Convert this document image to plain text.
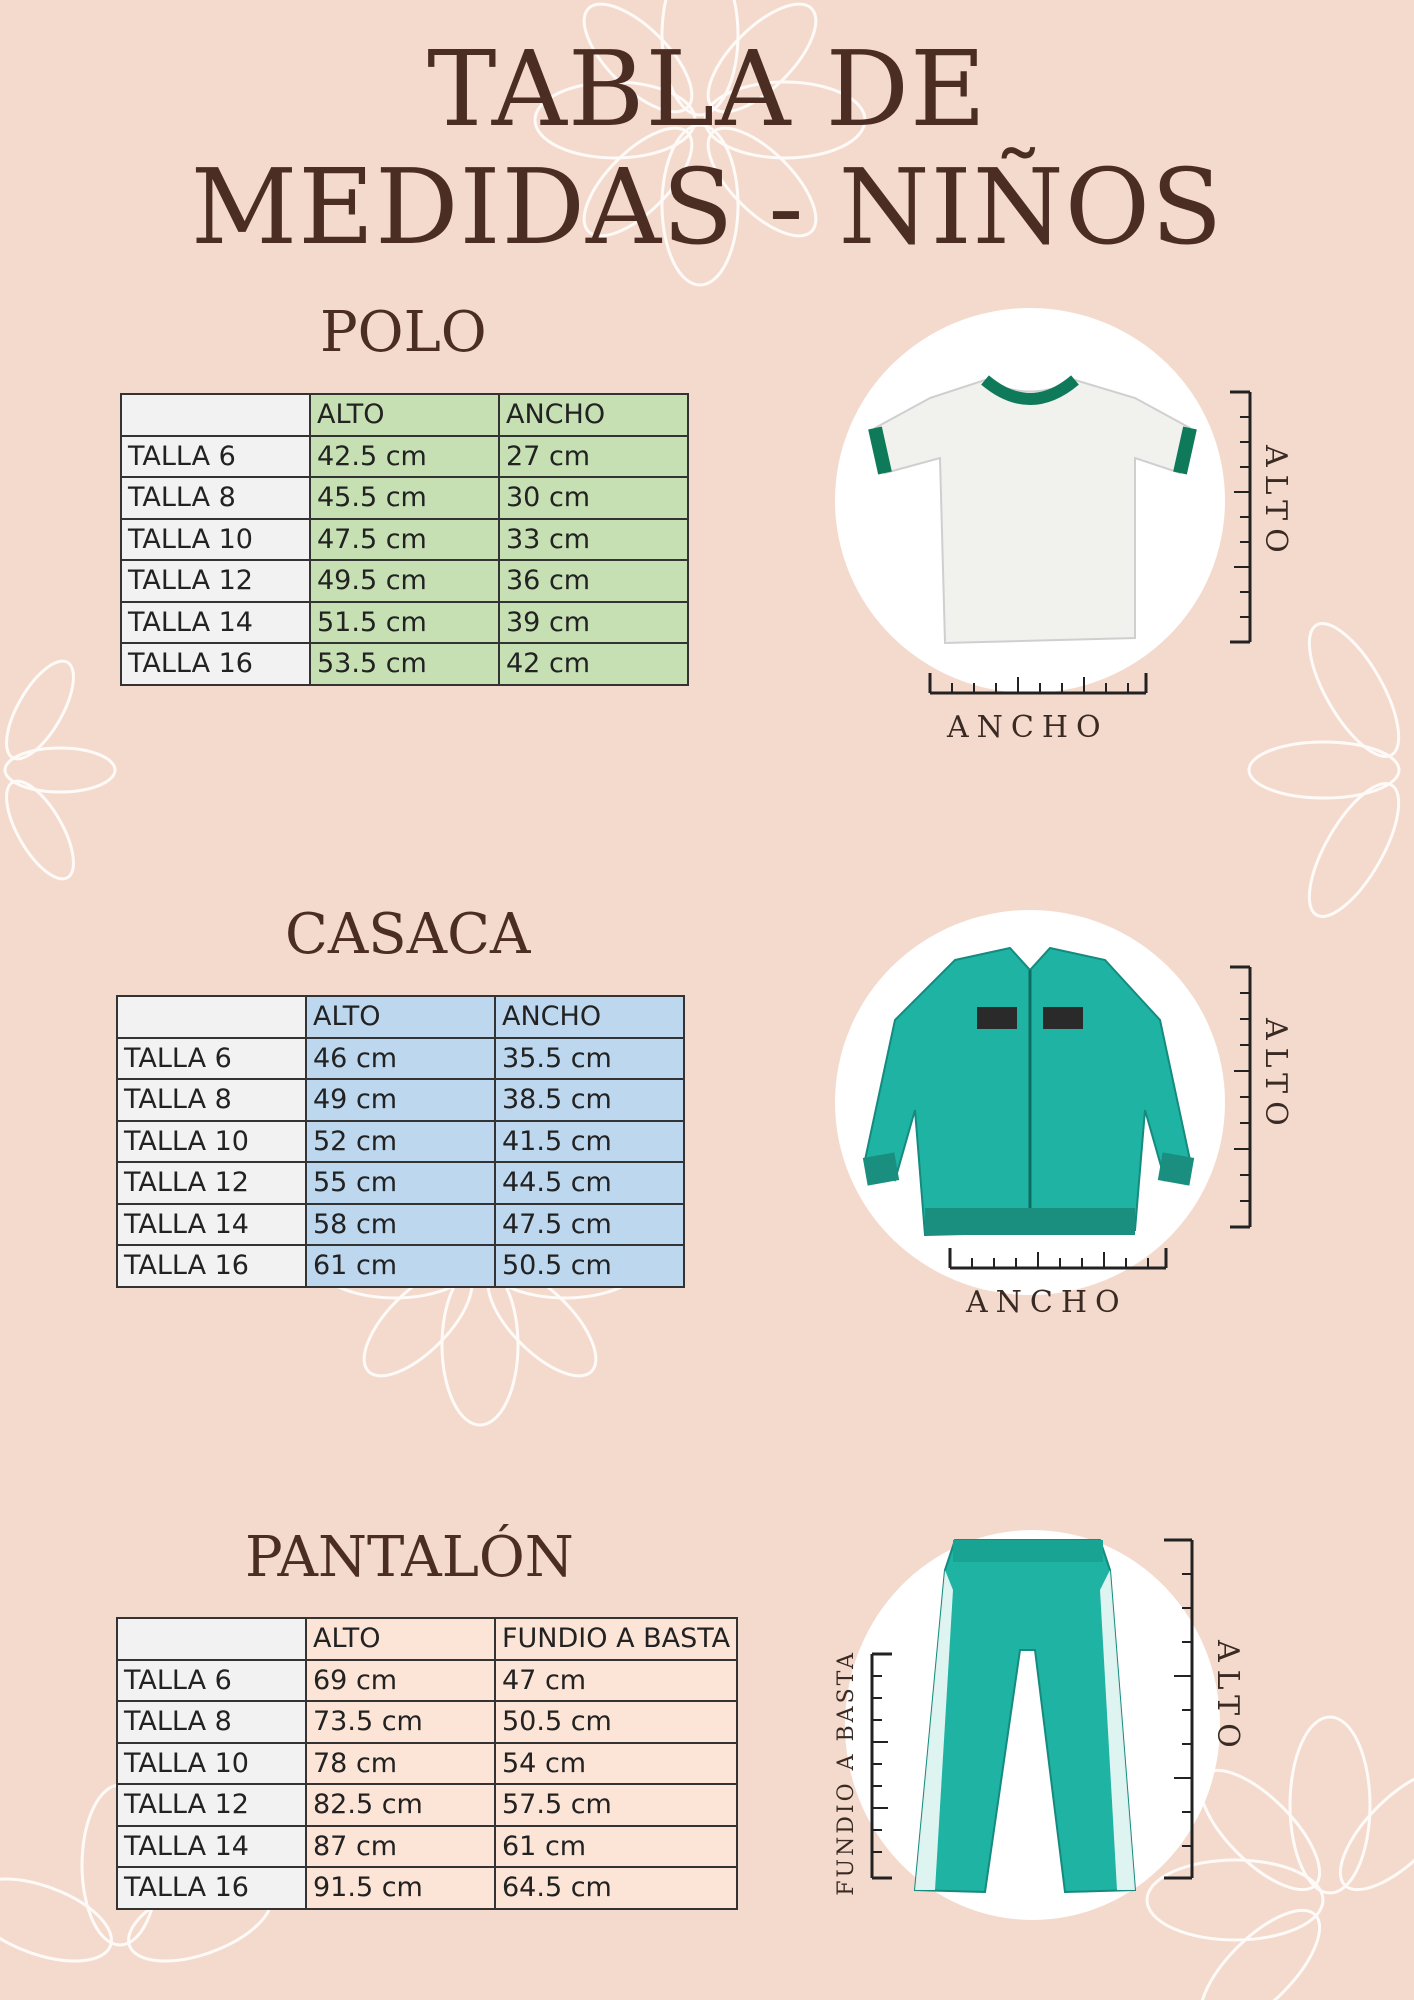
TABLA DE
MEDIDAS - NIÑOS
POLO
	ALTO	ANCHO
TALLA 6	42.5 cm	27 cm
TALLA 8	45.5 cm	30 cm
TALLA 10	47.5 cm	33 cm
TALLA 12	49.5 cm	36 cm
TALLA 14	51.5 cm	39 cm
TALLA 16	53.5 cm	42 cm
ALTO
ANCHO
CASACA
	ALTO	ANCHO
TALLA 6	46 cm	35.5 cm
TALLA 8	49 cm	38.5 cm
TALLA 10	52 cm	41.5 cm
TALLA 12	55 cm	44.5 cm
TALLA 14	58 cm	47.5 cm
TALLA 16	61 cm	50.5 cm
ALTO
ANCHO
PANTALÓN
	ALTO	FUNDIO A BASTA
TALLA 6	69 cm	47 cm
TALLA 8	73.5 cm	50.5 cm
TALLA 10	78 cm	54 cm
TALLA 12	82.5 cm	57.5 cm
TALLA 14	87 cm	61 cm
TALLA 16	91.5 cm	64.5 cm
ALTO
FUNDIO A BASTA
